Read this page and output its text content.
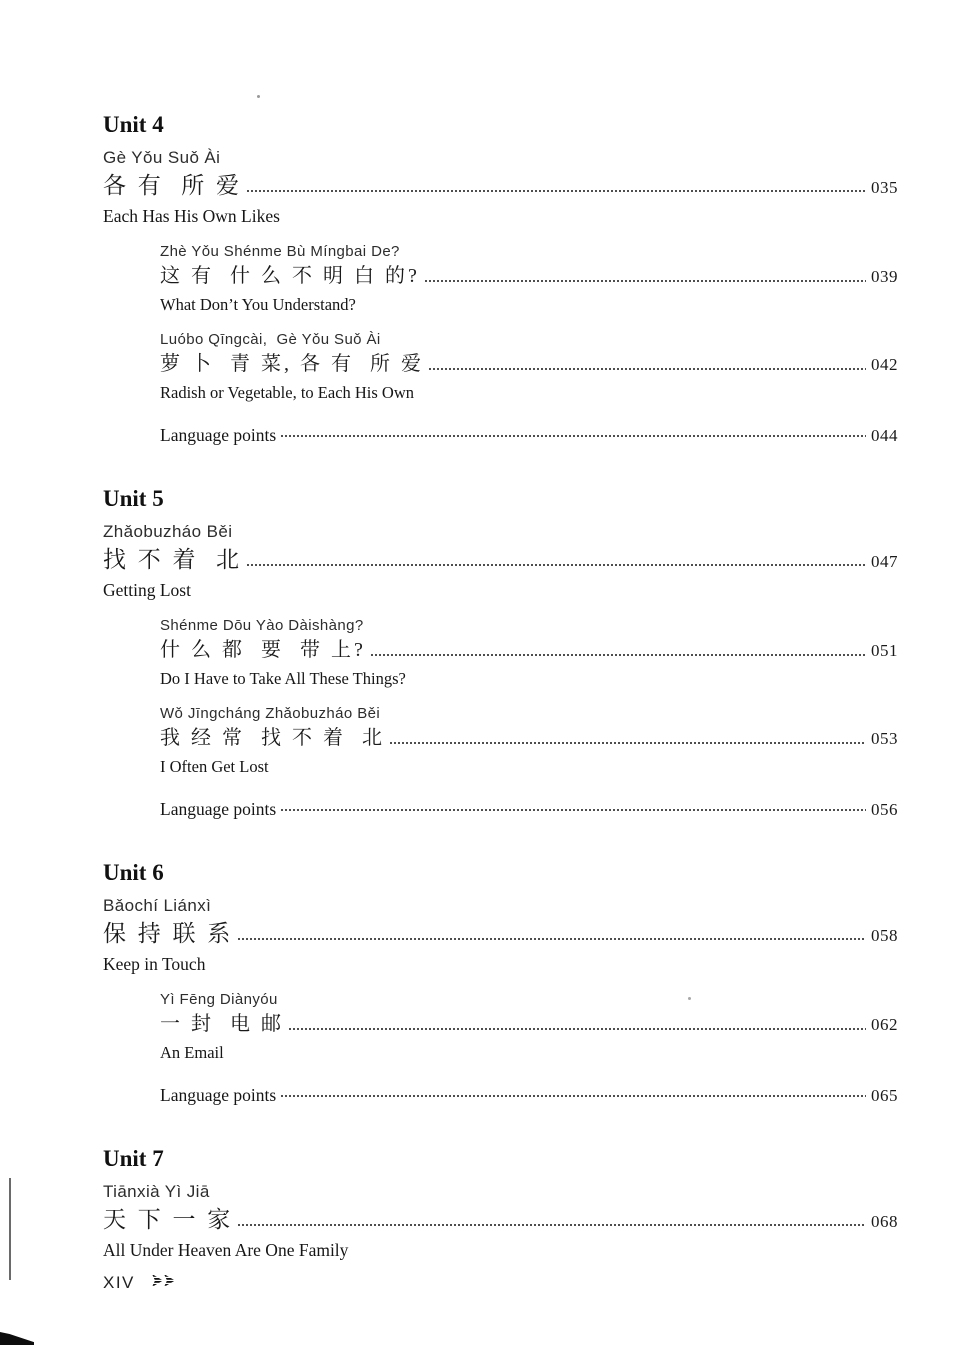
Unit 4
Gè Yǒu Suǒ Ài
各 有  所 爱	035
Each Has His Own Likes
Zhè Yǒu Shénme Bù Míngbai De?
这 有  什 么 不 明 白 的?	039
What Don’t You Understand?
Luóbo Qīngcài,  Gè Yǒu Suǒ Ài
萝 卜  青 菜, 各 有  所 爱	042
Radish or Vegetable, to Each His Own
Language points	044
Unit 5
Zhǎobuzháo Běi
找 不 着  北	047
Getting Lost
Shénme Dōu Yào Dàishàng?
什 么 都  要  带 上?	051
Do I Have to Take All These Things?
Wǒ Jīngcháng Zhǎobuzháo Běi
我 经 常  找 不 着  北	053
I Often Get Lost
Language points	056
Unit 6
Bǎochí Liánxì
保 持 联 系	058
Keep in Touch
Yì Fēng Diànyóu
一 封  电 邮	062
An Email
Language points	065
Unit 7
Tiānxià Yì Jiā
天 下 一 家	068
All Under Heaven Are One Family
XIV
